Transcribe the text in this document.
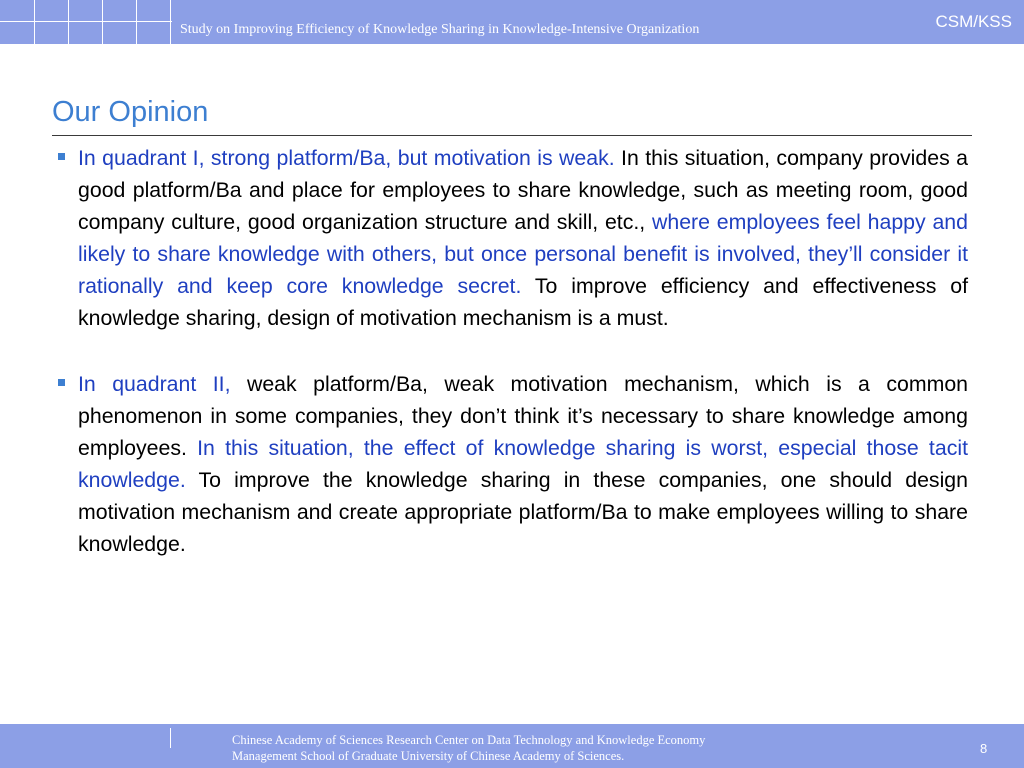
Study on Improving Efficiency of Knowledge Sharing in Knowledge-Intensive Organization	CSM/KSS
Our Opinion
In quadrant I, strong platform/Ba, but motivation is weak. In this situation, company provides a good platform/Ba and place for employees to share knowledge, such as meeting room, good company culture, good organization structure and skill, etc., where employees feel happy and likely to share knowledge with others, but once personal benefit is involved, they’ll consider it rationally and keep core knowledge secret. To improve efficiency and effectiveness of knowledge sharing, design of motivation mechanism is a must.
In quadrant II, weak platform/Ba, weak motivation mechanism, which is a common phenomenon in some companies, they don’t think it’s necessary to share knowledge among employees. In this situation, the effect of knowledge sharing is worst, especial those tacit knowledge. To improve the knowledge sharing in these companies, one should design motivation mechanism and create appropriate platform/Ba to make employees willing to share knowledge.
Chinese Academy of Sciences Research Center on Data Technology and Knowledge Economy
Management School of Graduate University of Chinese Academy of Sciences.	8
